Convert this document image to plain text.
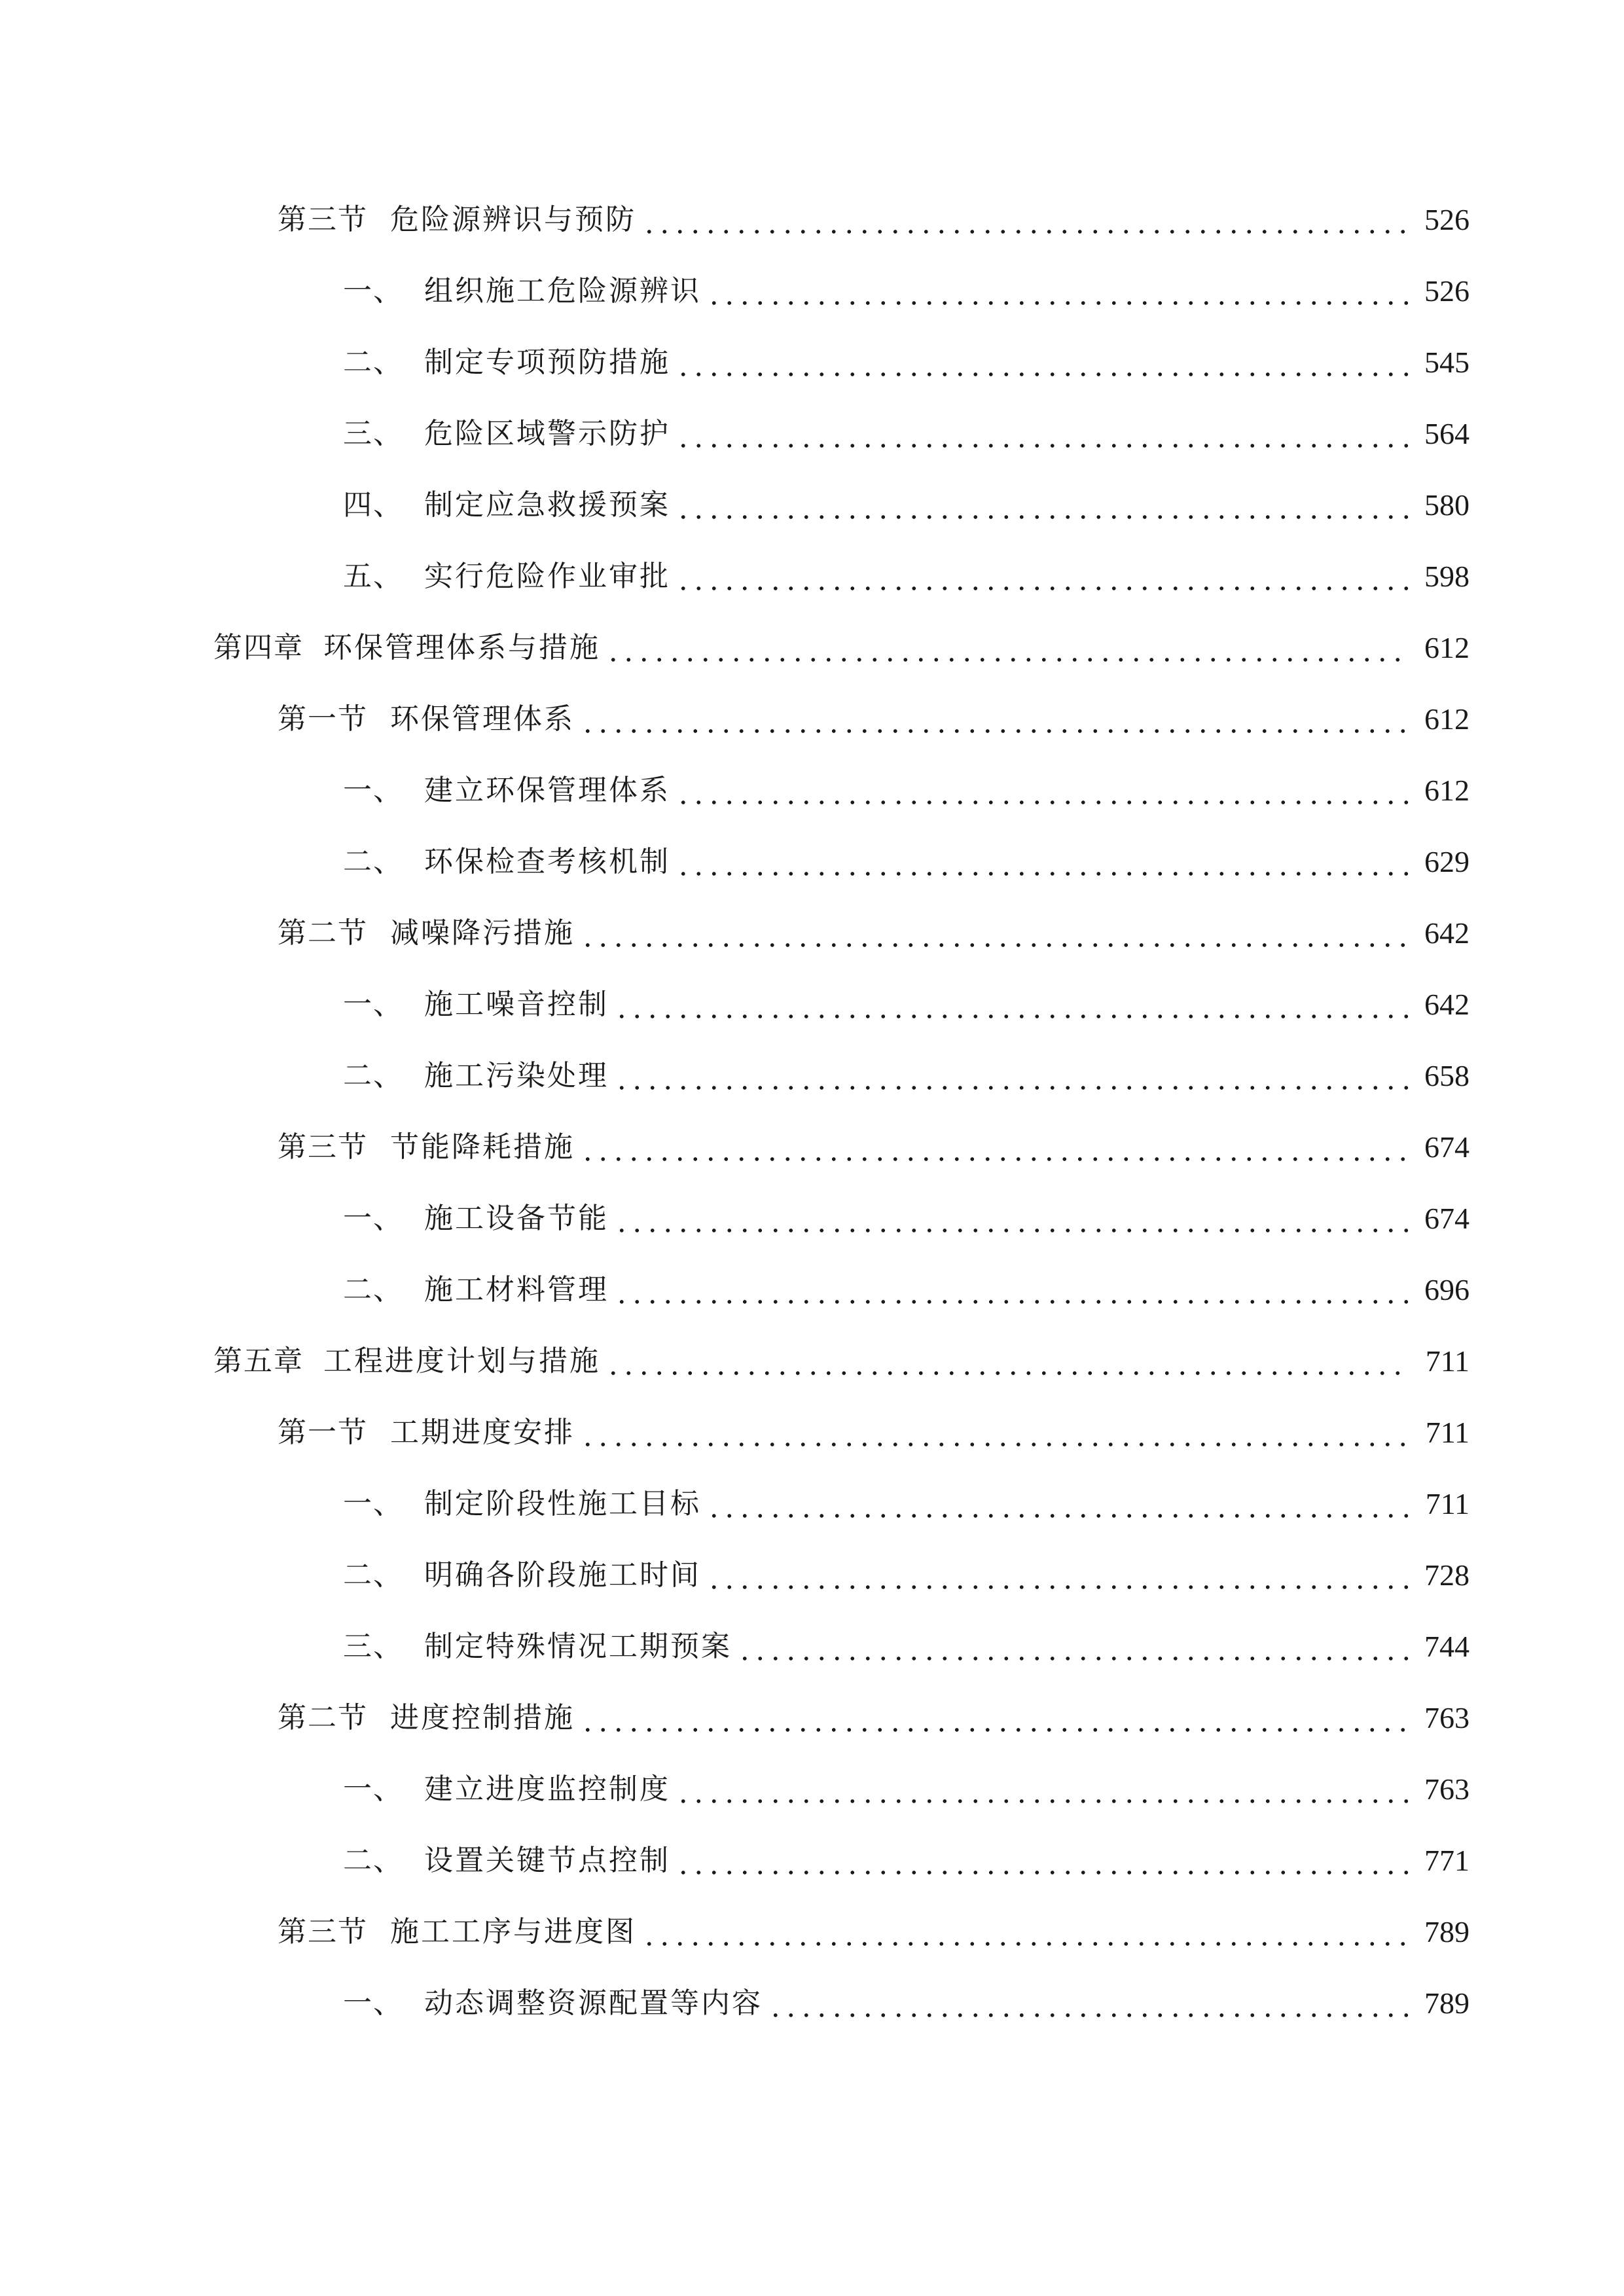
第三节 危险源辨识与预防	526
一、 组织施工危险源辨识	526
二、 制定专项预防措施	545
三、 危险区域警示防护	564
四、 制定应急救援预案	580
五、 实行危险作业审批	598
第四章 环保管理体系与措施	612
第一节 环保管理体系	612
一、 建立环保管理体系	612
二、 环保检查考核机制	629
第二节 减噪降污措施	642
一、 施工噪音控制	642
二、 施工污染处理	658
第三节 节能降耗措施	674
一、 施工设备节能	674
二、 施工材料管理	696
第五章 工程进度计划与措施	711
第一节 工期进度安排	711
一、 制定阶段性施工目标	711
二、 明确各阶段施工时间	728
三、 制定特殊情况工期预案	744
第二节 进度控制措施	763
一、 建立进度监控制度	763
二、 设置关键节点控制	771
第三节 施工工序与进度图	789
一、 动态调整资源配置等内容	789
